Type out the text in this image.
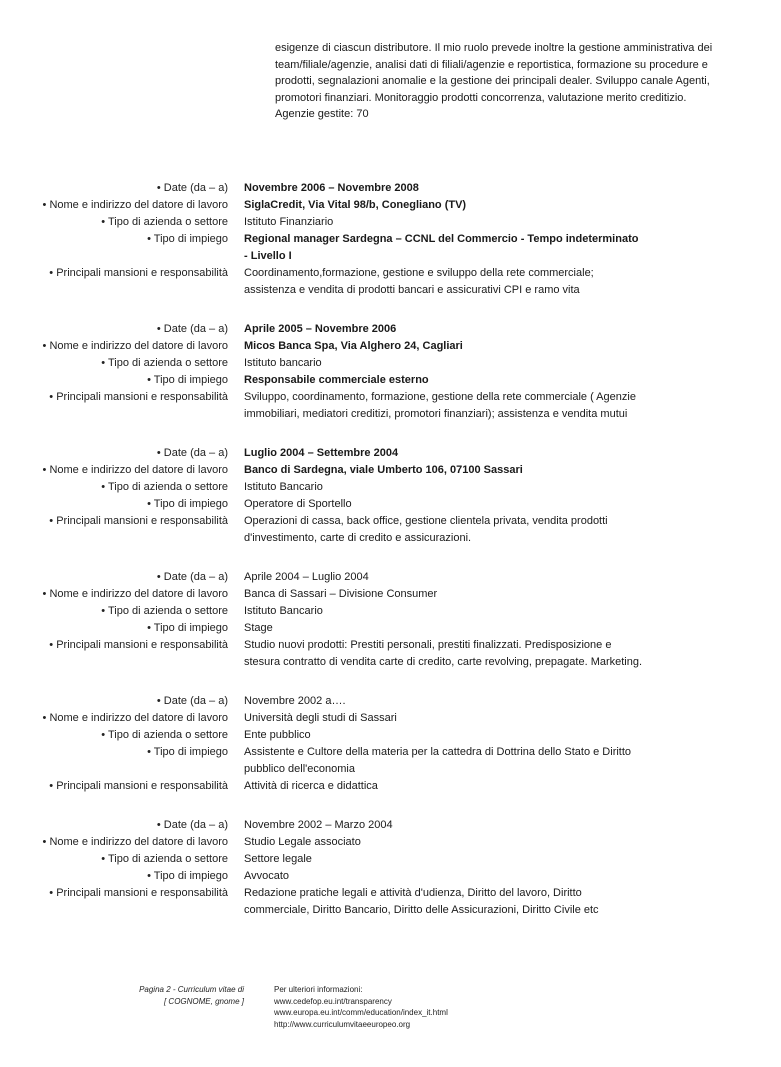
esigenze di ciascun distributore. Il mio ruolo prevede inoltre la gestione amministrativa dei team/filiale/agenzie, analisi dati di filiali/agenzie e reportistica, formazione su procedure e prodotti, segnalazioni anomalie e la gestione dei principali dealer. Sviluppo canale Agenti, promotori finanziari. Monitoraggio prodotti concorrenza, valutazione merito creditizio. Agenzie gestite: 70
• Date (da – a)	Novembre 2006 – Novembre 2008
• Nome e indirizzo del datore di lavoro	SiglaCredit, Via Vital 98/b, Conegliano (TV)
• Tipo di azienda o settore	Istituto Finanziario
• Tipo di impiego	Regional manager Sardegna – CCNL del Commercio - Tempo indeterminato - Livello I
• Principali mansioni e responsabilità	Coordinamento,formazione, gestione e sviluppo della rete commerciale; assistenza e vendita di prodotti bancari e assicurativi CPI e ramo vita
• Date (da – a)	Aprile 2005 – Novembre 2006
• Nome e indirizzo del datore di lavoro	Micos Banca Spa, Via Alghero 24, Cagliari
• Tipo di azienda o settore	Istituto bancario
• Tipo di impiego	Responsabile commerciale esterno
• Principali mansioni e responsabilità	Sviluppo, coordinamento, formazione, gestione della rete commerciale ( Agenzie immobiliari, mediatori creditizi, promotori finanziari); assistenza e vendita mutui
• Date (da – a)	Luglio 2004 – Settembre 2004
• Nome e indirizzo del datore di lavoro	Banco di Sardegna, viale Umberto 106, 07100 Sassari
• Tipo di azienda o settore	Istituto Bancario
• Tipo di impiego	Operatore di Sportello
• Principali mansioni e responsabilità	Operazioni di cassa, back office, gestione clientela privata, vendita prodotti d'investimento, carte di credito e assicurazioni.
• Date (da – a)	Aprile 2004 – Luglio 2004
• Nome e indirizzo del datore di lavoro	Banca di Sassari – Divisione Consumer
• Tipo di azienda o settore	Istituto Bancario
• Tipo di impiego	Stage
• Principali mansioni e responsabilità	Studio nuovi prodotti: Prestiti personali, prestiti finalizzati. Predisposizione e stesura contratto di vendita carte di credito, carte revolving, prepagate. Marketing.
• Date (da – a)	Novembre 2002 a….
• Nome e indirizzo del datore di lavoro	Università degli studi di Sassari
• Tipo di azienda o settore	Ente pubblico
• Tipo di impiego	Assistente e Cultore della materia per la cattedra di Dottrina dello Stato e Diritto pubblico dell'economia
• Principali mansioni e responsabilità	Attività di ricerca e didattica
• Date (da – a)	Novembre 2002 – Marzo 2004
• Nome e indirizzo del datore di lavoro	Studio Legale associato
• Tipo di azienda o settore	Settore legale
• Tipo di impiego	Avvocato
• Principali mansioni e responsabilità	Redazione pratiche legali e attività d'udienza, Diritto del lavoro, Diritto commerciale, Diritto Bancario, Diritto delle Assicurazioni, Diritto Civile etc
Pagina 2 - Curriculum vitae di
[ COGNOME, gnome ]
Per ulteriori informazioni:
www.cedefop.eu.int/transparency
www.europa.eu.int/comm/education/index_it.html
http://www.curriculumvitaeeuropeo.org
